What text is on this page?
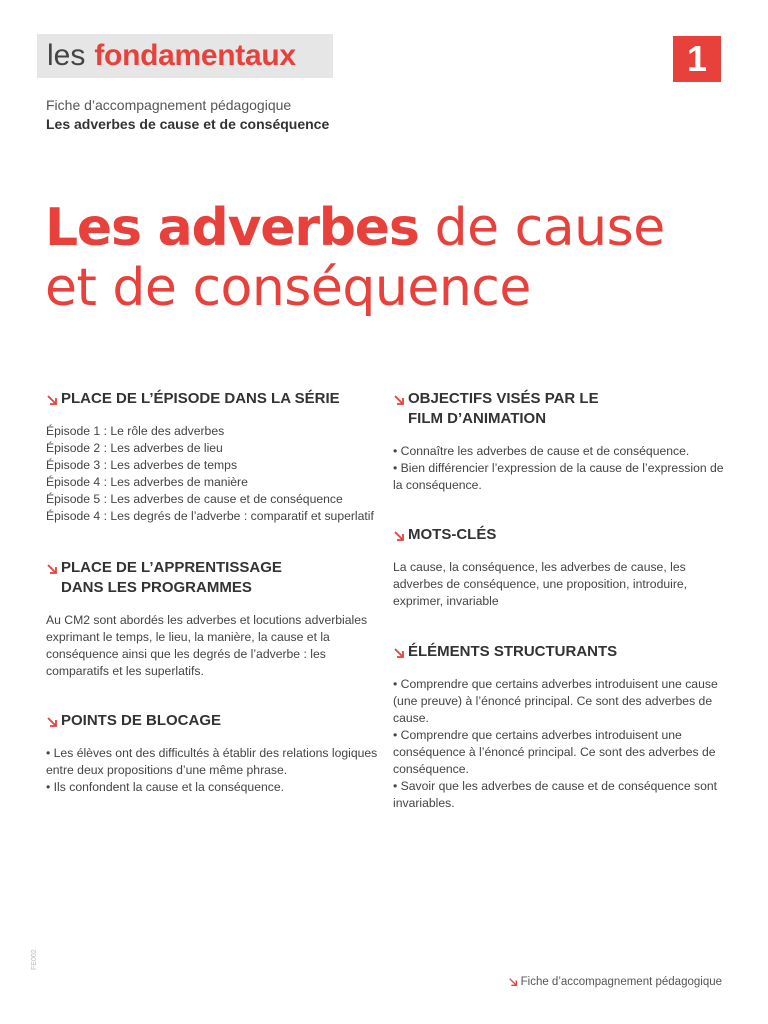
les fondamentaux	1
Fiche d’accompagnement pédagogique
Les adverbes de cause et de conséquence
Les adverbes de cause
et de conséquence
PLACE DE L’ÉPISODE DANS LA SÉRIE

Épisode 1 : Le rôle des adverbes

Épisode 2 : Les adverbes de lieu

Épisode 3 : Les adverbes de temps

Épisode 4 : Les adverbes de manière

Épisode 5 : Les adverbes de cause et de conséquence

Épisode 4 : Les degrés de l’adverbe : comparatif et superlatif

PLACE DE L’APPRENTISSAGE DANS LES PROGRAMMES

Au CM2 sont abordés les adverbes et locutions adverbiales exprimant le temps, le lieu, la manière, la cause et la conséquence ainsi que les degrés de l’adverbe : les comparatifs et les superlatifs.

POINTS DE BLOCAGE

• Les élèves ont des difficultés à établir des relations logiques entre deux propositions d’une même phrase.

• Ils confondent la cause et la conséquence.

OBJECTIFS VISÉS PAR LE FILM D’ANIMATION

• Connaître les adverbes de cause et de conséquence.

• Bien différencier l’expression de la cause de l’expression de la conséquence.

MOTS-CLÉS

La cause, la conséquence, les adverbes de cause, les adverbes de conséquence, une proposition, introduire, exprimer, invariable

ÉLÉMENTS STRUCTURANTS

• Comprendre que certains adverbes introduisent une cause (une preuve) à l’énoncé principal. Ce sont des adverbes de cause.

• Comprendre que certains adverbes introduisent une conséquence à l’énoncé principal. Ce sont des adverbes de conséquence.

• Savoir que les adverbes de cause et de conséquence sont invariables.

Fiche d’accompagnement pédagogique
FE002
